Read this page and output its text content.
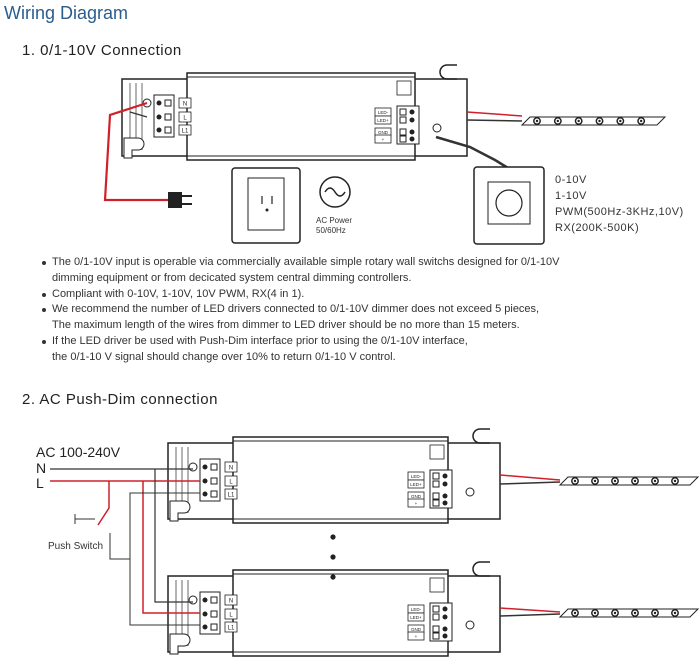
Wiring Diagram
1. 0/1-10V Connection
N
L
L1
LED-
LED+
GND
+
N
L
L1
LED-
LED+
GND
+
N
L
L1
LED-
LED+
GND
+
AC Power
50/60Hz
0-10V
1-10V
PWM(500Hz-3KHz,10V)
RX(200K-500K)
The 0/1-10V input is operable via commercially available simple rotary wall switchs designed for 0/1-10V
dimming equipment or from decicated system central dimming controllers.
Compliant with 0-10V, 1-10V, 10V PWM, RX(4 in 1).
We recommend the number of LED drivers connected to 0/1-10V dimmer does not exceed 5 pieces,
The maximum length of the wires from dimmer to LED driver should be no more than 15 meters.
If the LED driver be used with Push-Dim interface prior to using the 0/1-10V interface,
the 0/1-10 V signal should change over 10% to return 0/1-10 V control.
2. AC Push-Dim connection
AC 100-240V
N
L
Push Switch
